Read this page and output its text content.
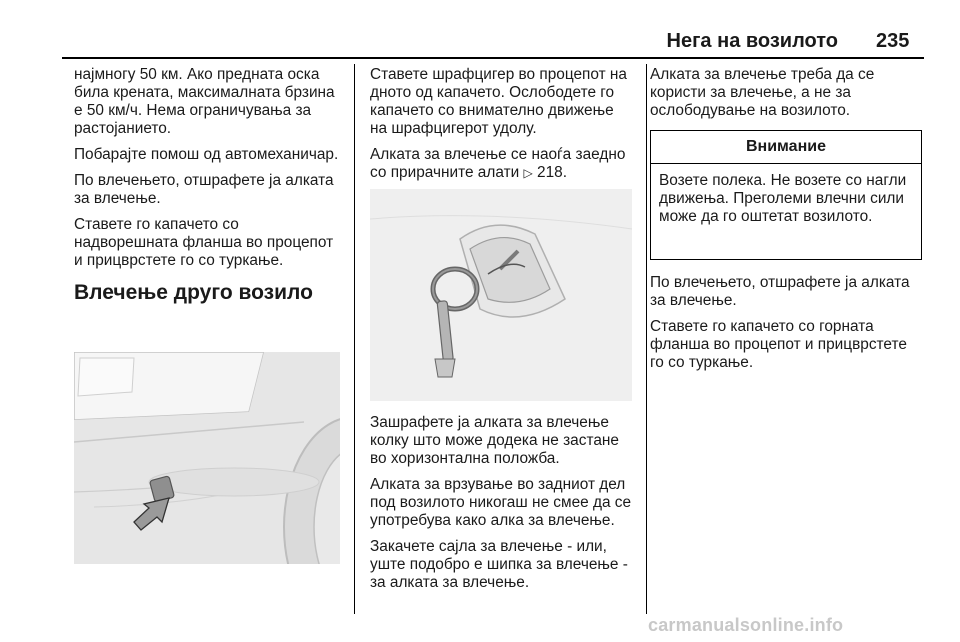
Нега на возилото 235

најмногу 50 км. Ако предната оска била крената, максималната брзина е 50 км/ч. Нема ограничувања за растојанието.

Побарајте помош од автомеханичар.

По влечењето, отшрафете ја алката за влечење.

Ставете го капачето со надворешната фланша во процепот и прицврстете го со туркање.

Влечење друго возило

Ставете шрафцигер во процепот на дното од капачето. Ослободете го капачето со внимателно движење на шрафцигерот удолу.

Алката за влечење се наоѓа заедно со прирачните алати ▷ 218.

Зашрафете ја алката за влечење колку што може додека не застане во хоризонтална положба.

Алката за врзување во задниот дел под возилото никогаш не смее да се употребува како алка за влечење.

Закачете сајла за влечење - или, уште подобро е шипка за влечење - за алката за влечење.

Алката за влечење треба да се користи за влечење, а не за ослободување на возилото.

Внимание
Возете полека. Не возете со нагли движења. Преголеми влечни сили може да го оштетат возилото.

По влечењето, отшрафете ја алката за влечење.

Ставете го капачето со горната фланша во процепот и прицврстете го со туркање.

carmanualsonline.info
